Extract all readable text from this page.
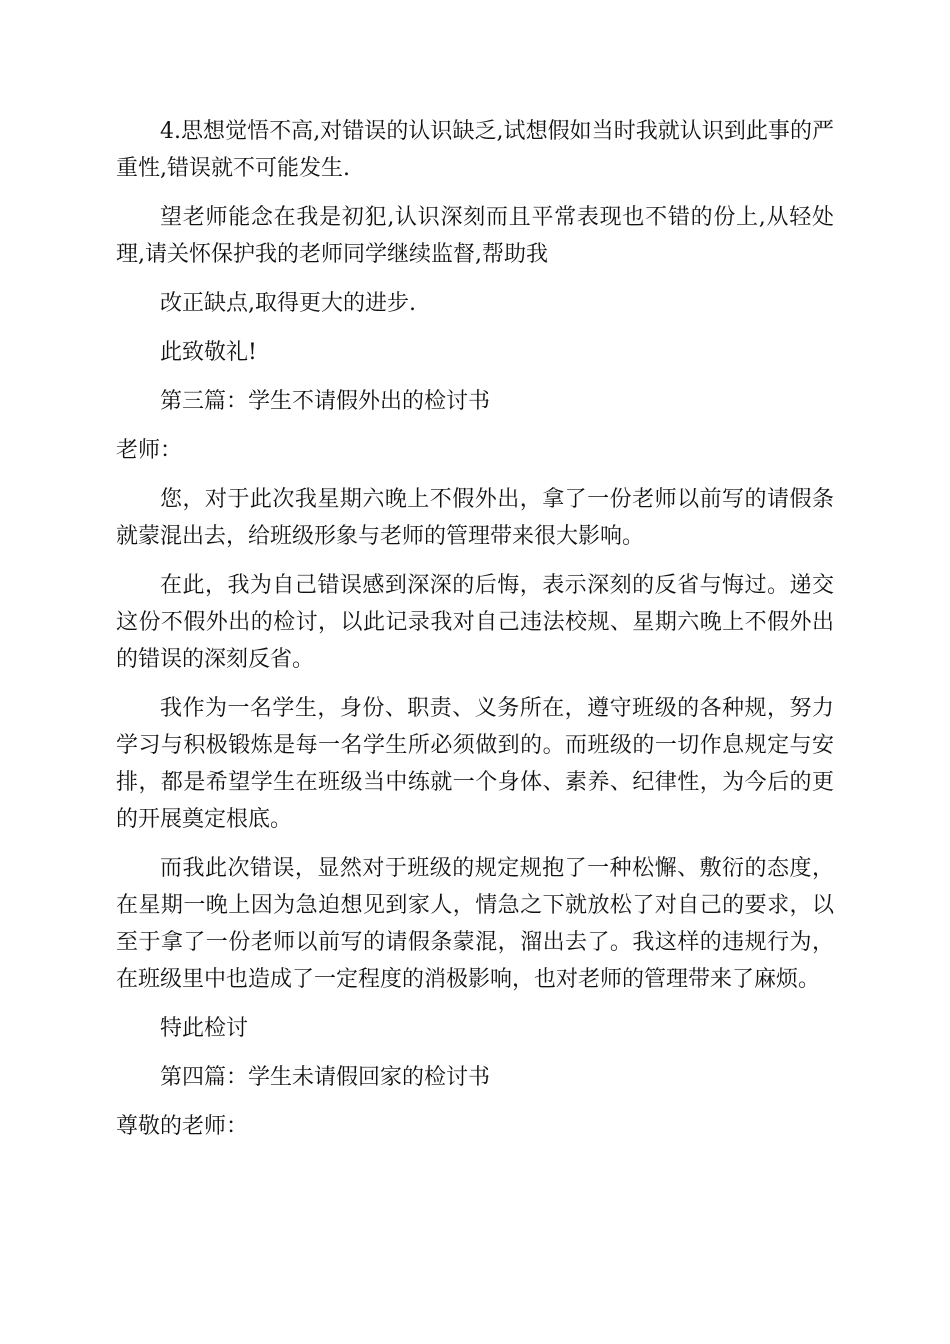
4.思想觉悟不高,对错误的认识缺乏,试想假如当时我就认识到此事的严重性,错误就不可能发生.

望老师能念在我是初犯,认识深刻而且平常表现也不错的份上,从轻处理,请关怀保护我的老师同学继续监督,帮助我

改正缺点,取得更大的进步.

此致敬礼!

第三篇：学生不请假外出的检讨书

老师：

您，对于此次我星期六晚上不假外出，拿了一份老师以前写的请假条就蒙混出去，给班级形象与老师的管理带来很大影响。

在此，我为自己错误感到深深的后悔，表示深刻的反省与悔过。递交这份不假外出的检讨，以此记录我对自己违法校规、星期六晚上不假外出的错误的深刻反省。

我作为一名学生，身份、职责、义务所在，遵守班级的各种规，努力学习与积极锻炼是每一名学生所必须做到的。而班级的一切作息规定与安排，都是希望学生在班级当中练就一个身体、素养、纪律性，为今后的更的开展奠定根底。

而我此次错误，显然对于班级的规定规抱了一种松懈、敷衍的态度，在星期一晚上因为急迫想见到家人，情急之下就放松了对自己的要求，以至于拿了一份老师以前写的请假条蒙混，溜出去了。我这样的违规行为，在班级里中也造成了一定程度的消极影响，也对老师的管理带来了麻烦。

特此检讨

第四篇：学生未请假回家的检讨书

尊敬的老师：
